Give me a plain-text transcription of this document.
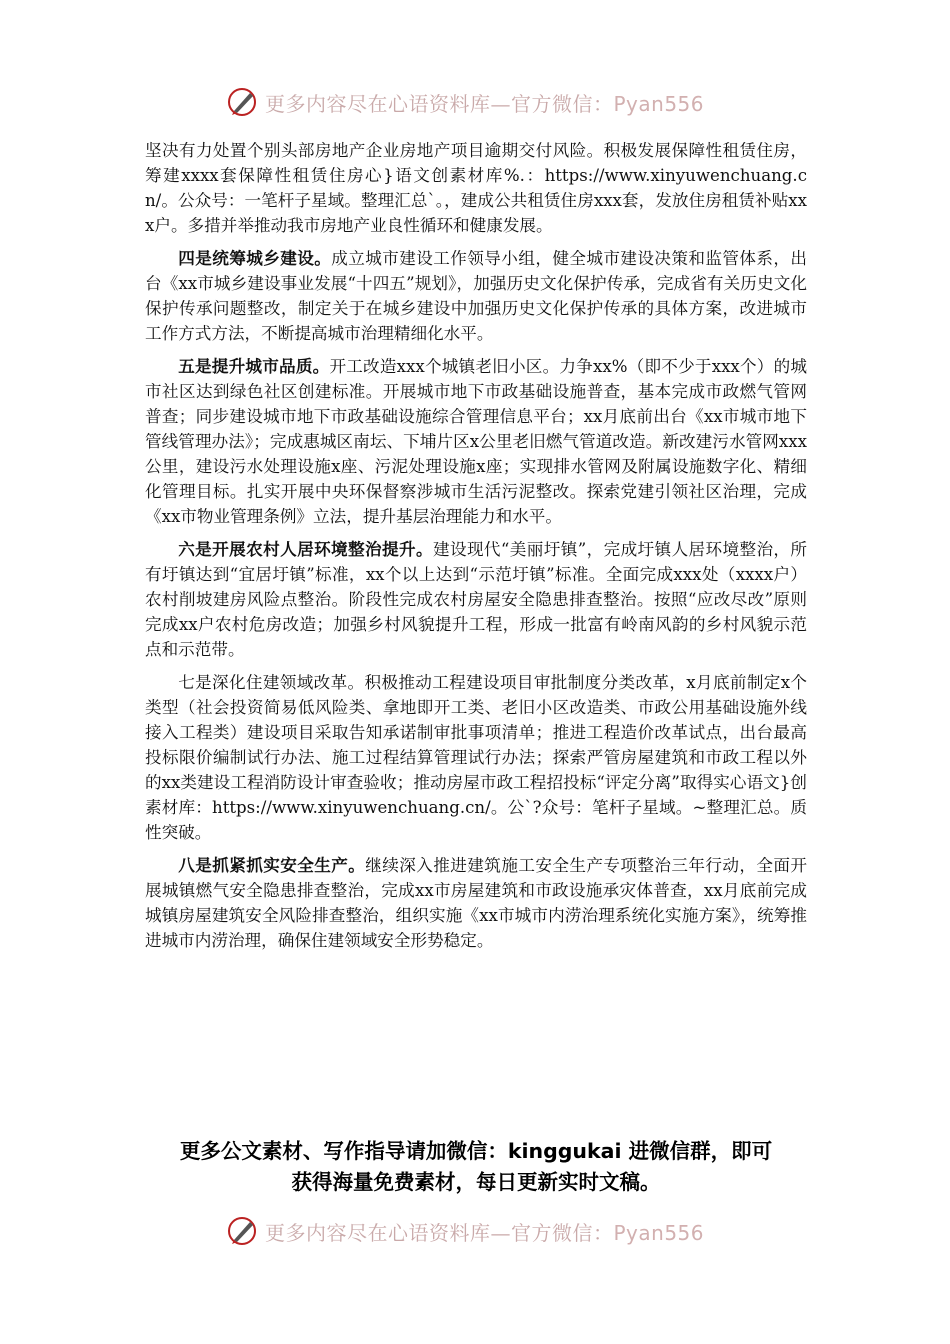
更多内容尽在心语资料库—官方微信：Pyan556

坚决有力处置个别头部房地产企业房地产项目逾期交付风险。积极发展保障性租赁住房，筹建xxxx套保障性租赁住房心}语文创素材库%.：https://www.xinyuwenchuang.cn/。公众号：一笔杆子星域。整理汇总`。，建成公共租赁住房xxx套，发放住房租赁补贴xxx户。多措并举推动我市房地产业良性循环和健康发展。

四是统筹城乡建设。成立城市建设工作领导小组，健全城市建设决策和监管体系，出台《xx市城乡建设事业发展“十四五”规划》，加强历史文化保护传承，完成省有关历史文化保护传承问题整改，制定关于在城乡建设中加强历史文化保护传承的具体方案，改进城市工作方式方法，不断提高城市治理精细化水平。

五是提升城市品质。开工改造xxx个城镇老旧小区。力争xx%（即不少于xxx个）的城市社区达到绿色社区创建标准。开展城市地下市政基础设施普查，基本完成市政燃气管网普查；同步建设城市地下市政基础设施综合管理信息平台；xx月底前出台《xx市城市地下管线管理办法》；完成惠城区南坛、下埔片区x公里老旧燃气管道改造。新改建污水管网xxx公里，建设污水处理设施x座、污泥处理设施x座；实现排水管网及附属设施数字化、精细化管理目标。扎实开展中央环保督察涉城市生活污泥整改。探索党建引领社区治理，完成《xx市物业管理条例》立法，提升基层治理能力和水平。

六是开展农村人居环境整治提升。建设现代“美丽圩镇”，完成圩镇人居环境整治，所有圩镇达到“宜居圩镇”标准，xx个以上达到“示范圩镇”标准。全面完成xxx处（xxxx户）农村削坡建房风险点整治。阶段性完成农村房屋安全隐患排查整治。按照“应改尽改”原则完成xx户农村危房改造；加强乡村风貌提升工程，形成一批富有岭南风韵的乡村风貌示范点和示范带。

七是深化住建领域改革。积极推动工程建设项目审批制度分类改革，x月底前制定x个类型（社会投资简易低风险类、拿地即开工类、老旧小区改造类、市政公用基础设施外线接入工程类）建设项目采取告知承诺制审批事项清单；推进工程造价改革试点，出台最高投标限价编制试行办法、施工过程结算管理试行办法；探索严管房屋建筑和市政工程以外的xx类建设工程消防设计审查验收；推动房屋市政工程招投标“评定分离”取得实心语文}创素材库：https://www.xinyuwenchuang.cn/。公`?众号：笔杆子星域。~整理汇总。质性突破。

八是抓紧抓实安全生产。继续深入推进建筑施工安全生产专项整治三年行动，全面开展城镇燃气安全隐患排查整治，完成xx市房屋建筑和市政设施承灾体普查，xx月底前完成城镇房屋建筑安全风险排查整治，组织实施《xx市城市内涝治理系统化实施方案》，统筹推进城市内涝治理，确保住建领域安全形势稳定。

更多公文素材、写作指导请加微信：kinggukai 进微信群，即可
获得海量免费素材，每日更新实时文稿。
更多内容尽在心语资料库—官方微信：Pyan556
